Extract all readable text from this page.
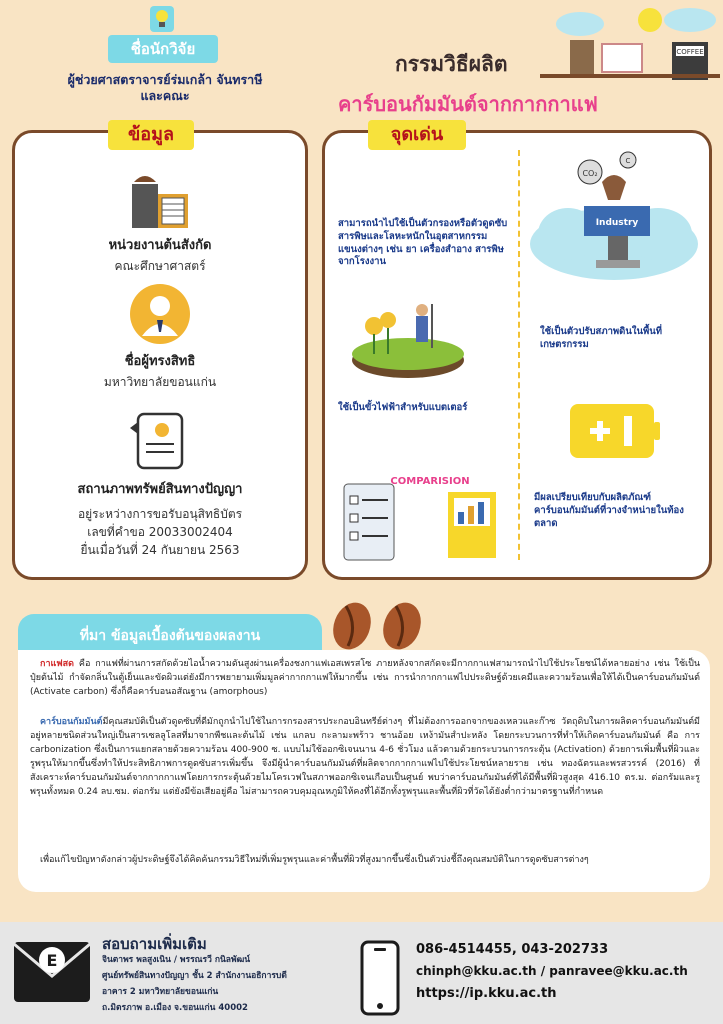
ชื่อนักวิจัย
ผู้ช่วยศาสตราจารย์ร่มเกล้า จันทราษี
และคณะ
กรรมวิธีผลิต
คาร์บอนกัมมันต์จากกากกาแฟ
COFFEE
ข้อมูล
หน่วยงานต้นสังกัด
คณะศึกษาศาสตร์
ชื่อผู้ทรงสิทธิ
มหาวิทยาลัยขอนแก่น
สถานภาพทรัพย์สินทางปัญญา
อยู่ระหว่างการขอรับอนุสิทธิบัตร
เลขที่คำขอ 20033002404
ยื่นเมื่อวันที่ 24 กันยายน 2563
จุดเด่น
สามารถนำไปใช้เป็นตัวกรองหรือตัวดูดซับสารพิษและโลหะหนักในอุตสาหกรรมแขนงต่างๆ เช่น ยา เครื่องสำอาง สารพิษจากโรงงาน
CO₂
C
Industry
ใช้เป็นตัวปรับสภาพดินในพื้นที่เกษตรกรรม
ใช้เป็นขั้วไฟฟ้าสำหรับแบตเตอร์
COMPARISION
มีผลเปรียบเทียบกับผลิตภัณฑ์คาร์บอนกัมมันต์ที่วางจำหน่ายในท้องตลาด
ที่มา ข้อมูลเบื้องต้นของผลงาน

กาแฟสด คือ กาแฟที่ผ่านการสกัดด้วยไอน้ำความดันสูงผ่านเครื่องชงกาแฟเอสเพรสโซ ภายหลังจากสกัดจะมีกากกาแฟสามารถนำไปใช้ประโยชน์ได้หลายอย่าง เช่น ใช้เป็นปุ๋ยต้นไม้ กำจัดกลิ่นในตู้เย็นและขัดผิวแต่ยังมีการพยายามเพิ่มมูลค่ากากกาแฟให้มากขึ้น เช่น การนำกากกาแฟไปประดิษฐ์ด้วยเคมีและความร้อนเพื่อให้ได้เป็นคาร์บอนกัมมันต์ (Activate carbon) ซึ่งก็คือคาร์บอนอสัณฐาน (amorphous)

คาร์บอนกัมมันต์มีคุณสมบัติเป็นตัวดูดซับที่ดีมักถูกนำไปใช้ในการกรองสารประกอบอินทรีย์ต่างๆ ที่ไม่ต้องการออกจากของเหลวและก๊าซ วัตถุดิบในการผลิตคาร์บอนกัมมันต์มีอยู่หลายชนิดส่วนใหญ่เป็นสารเซลลูโลสที่มาจากพืชและต้นไม้ เช่น แกลบ กะลามะพร้าว ชานอ้อย เหง้ามันสำปะหลัง โดยกระบวนการที่ทำให้เกิดคาร์บอนกัมมันต์ คือ การ carbonization ซึ่งเป็นการแยกสลายด้วยความร้อน 400-900 ซ. แบบไม่ใช้ออกซิเจนนาน 4-6 ชั่วโมง แล้วตามด้วยกระบวนการกระตุ้น (Activation) ด้วยการเพิ่มพื้นที่ผิวและรูพรุนให้มากขึ้นซึ่งทำให้ประสิทธิภาพการดูดซับสารเพิ่มขึ้น จึงมีผู้นำคาร์บอนกัมมันต์ที่ผลิตจากกากกาแฟไปใช้ประโยชน์หลายราย เช่น ทองฉัตรและพรสวรรค์ (2016) ที่สังเคราะห์คาร์บอนกัมมันต์จากกากกาแฟโดยการกระตุ้นด้วยไมโครเวฟในสภาพออกซิเจนเกือบเป็นศูนย์ พบว่าคาร์บอนกัมมันต์ที่ได้มีพื้นที่ผิวสูงสุด 416.10 ตร.ม. ต่อกรัมและรูพรุนทั้งหมด 0.24 ลบ.ซม. ต่อกรัม แต่ยังมีข้อเสียอยู่คือ ไม่สามารถควบคุมอุณหภูมิให้คงที่ได้อีกทั้งรูพรุนและพื้นที่ผิวที่วัดได้ยังต่ำกว่ามาตรฐานที่กำหนด

เพื่อแก้ไขปัญหาดังกล่าวผู้ประดิษฐ์จึงได้คิดค้นกรรมวิธีใหม่ที่เพิ่มรูพรุนและค่าพื้นที่ผิวที่สูงมากขึ้นซึ่งเป็นตัวบ่งชี้ถึงคุณสมบัติในการดูดซับสารต่างๆ

E
สอบถามเพิ่มเติม
จินตาพร พลสูงเนิน / พรรณรวี กนิลพัฒน์
ศูนย์ทรัพย์สินทางปัญญา ชั้น 2 สำนักงานอธิการบดี
อาคาร 2 มหาวิทยาลัยขอนแก่น
ถ.มิตรภาพ อ.เมือง จ.ขอนแก่น 40002
086-4514455, 043-202733
chinph@kku.ac.th / panravee@kku.ac.th
https://ip.kku.ac.th
